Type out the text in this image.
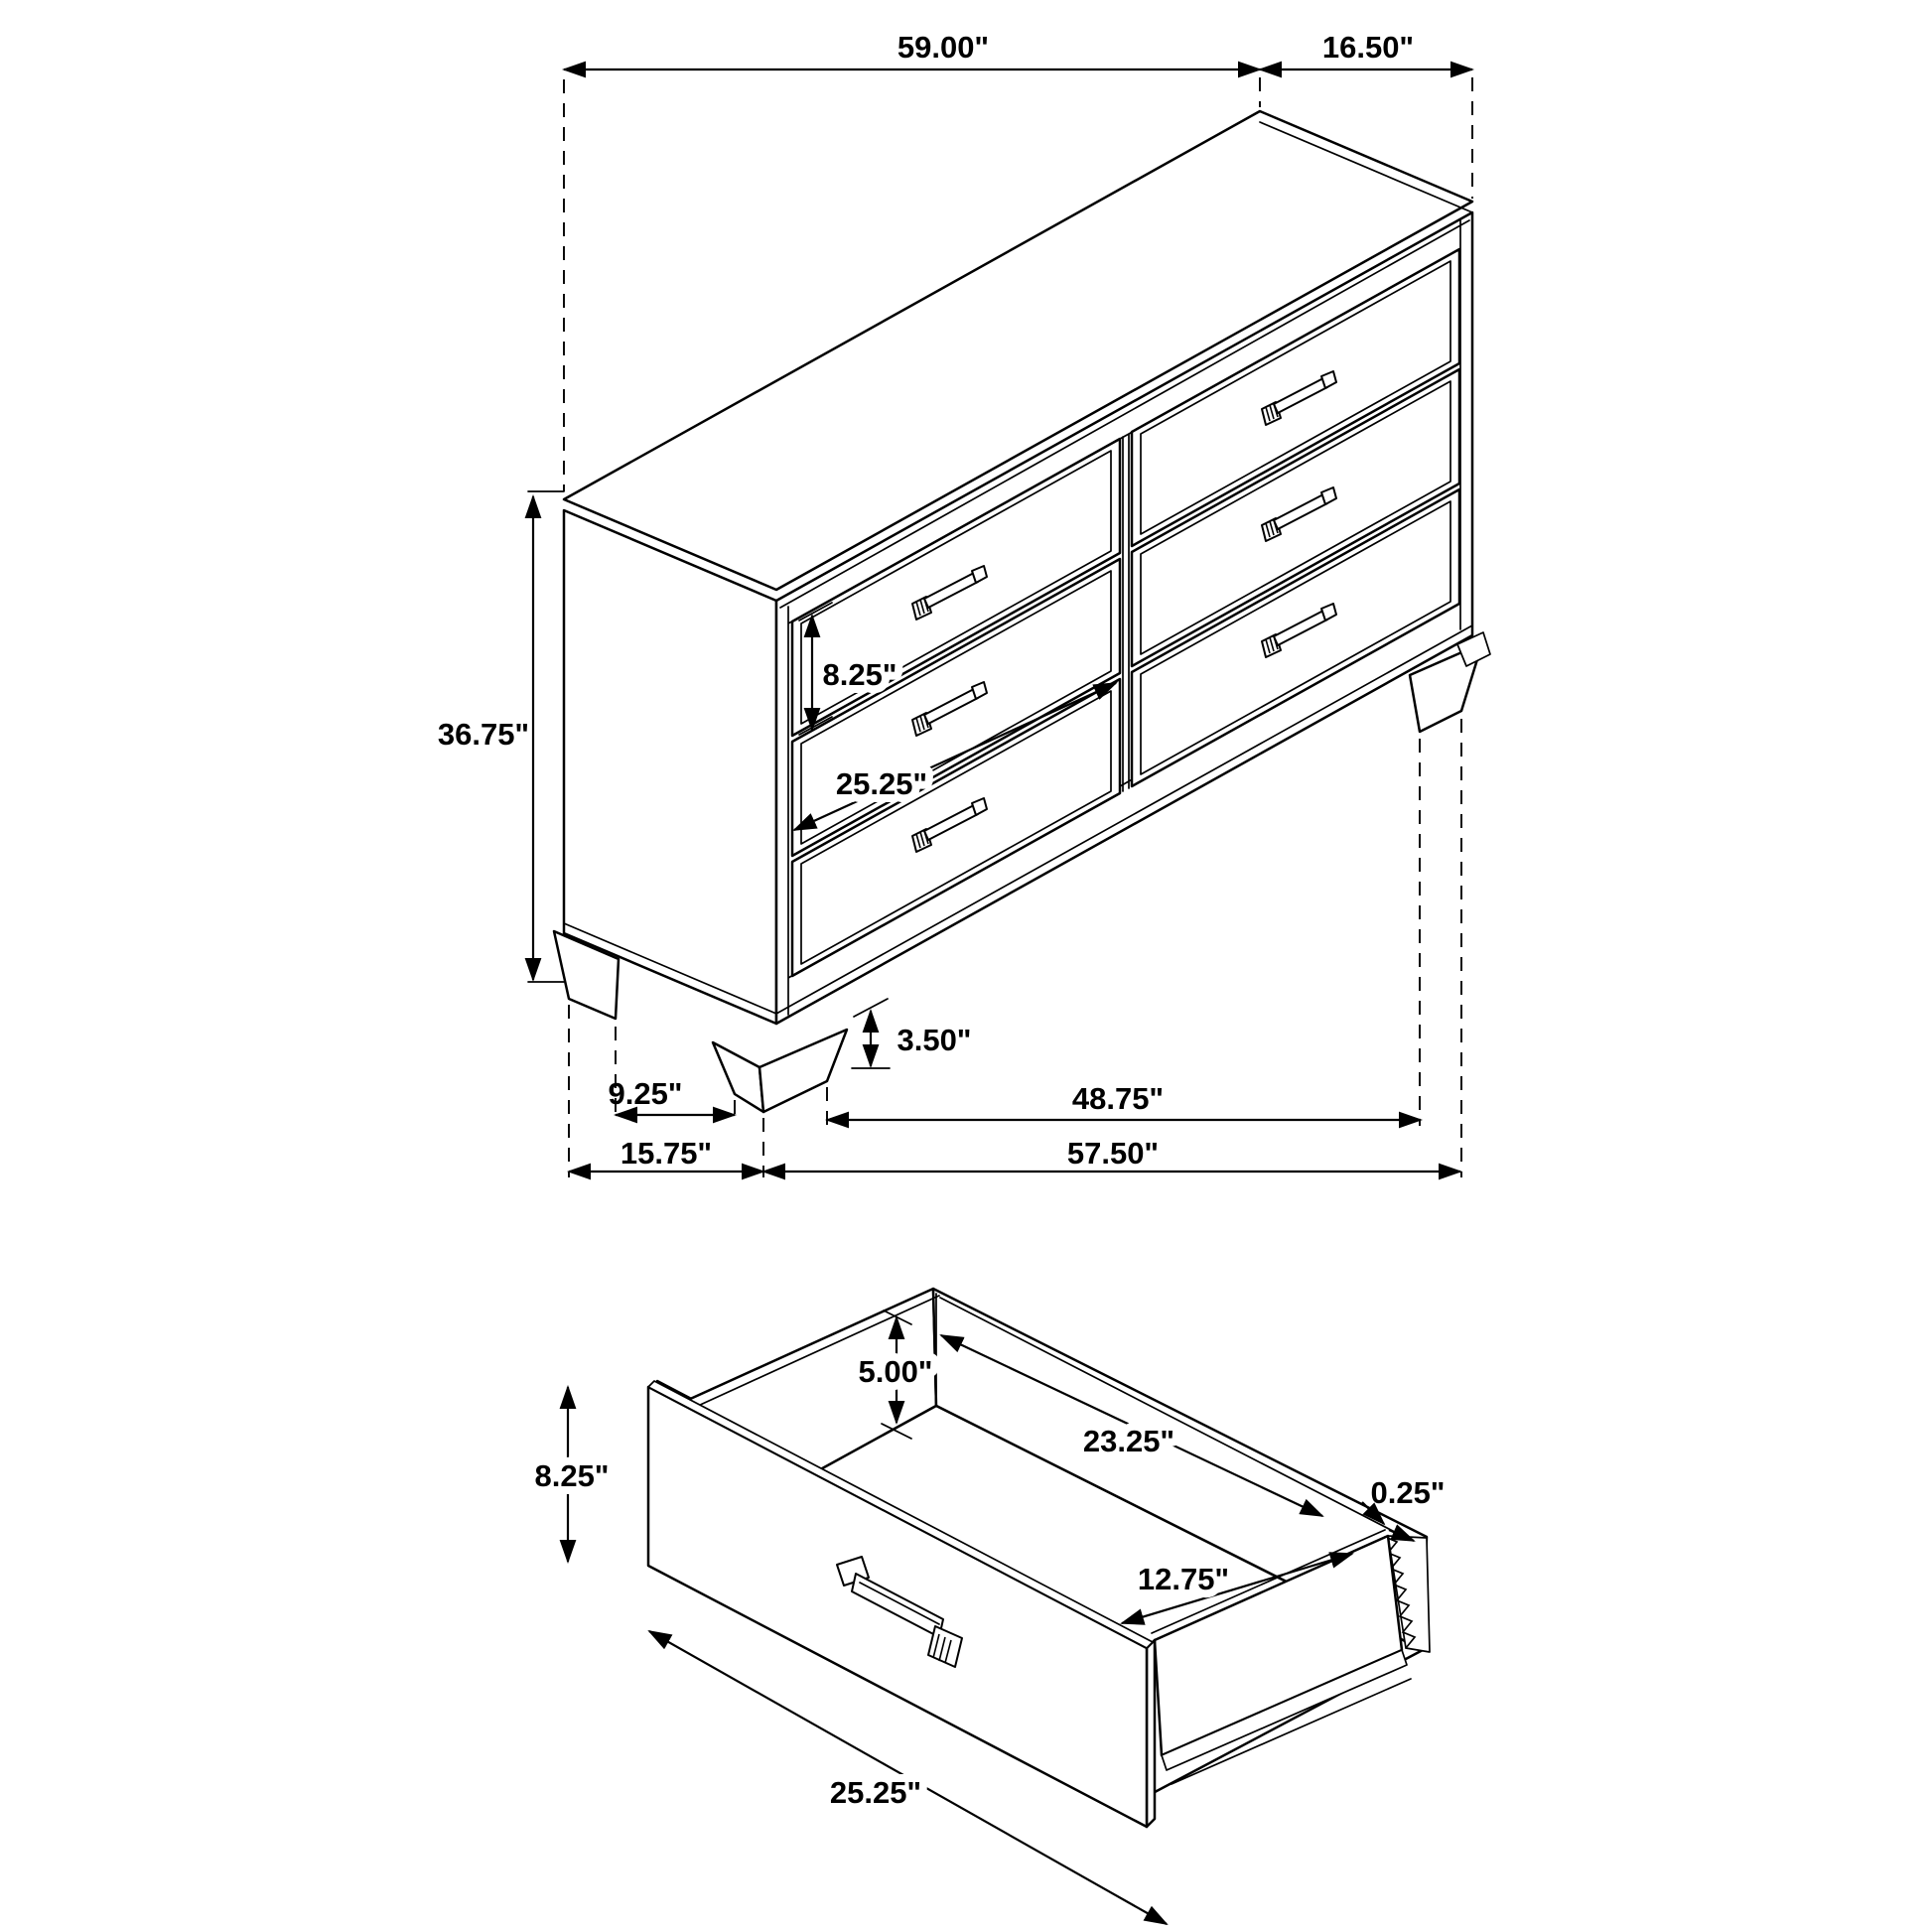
59.00"	16.50"
36.75"
8.25"
25.25"
3.50"
9.25"
15.75"
48.75"
57.50"
8.25"
5.00"
23.25"
0.25"
12.75"
25.25"
